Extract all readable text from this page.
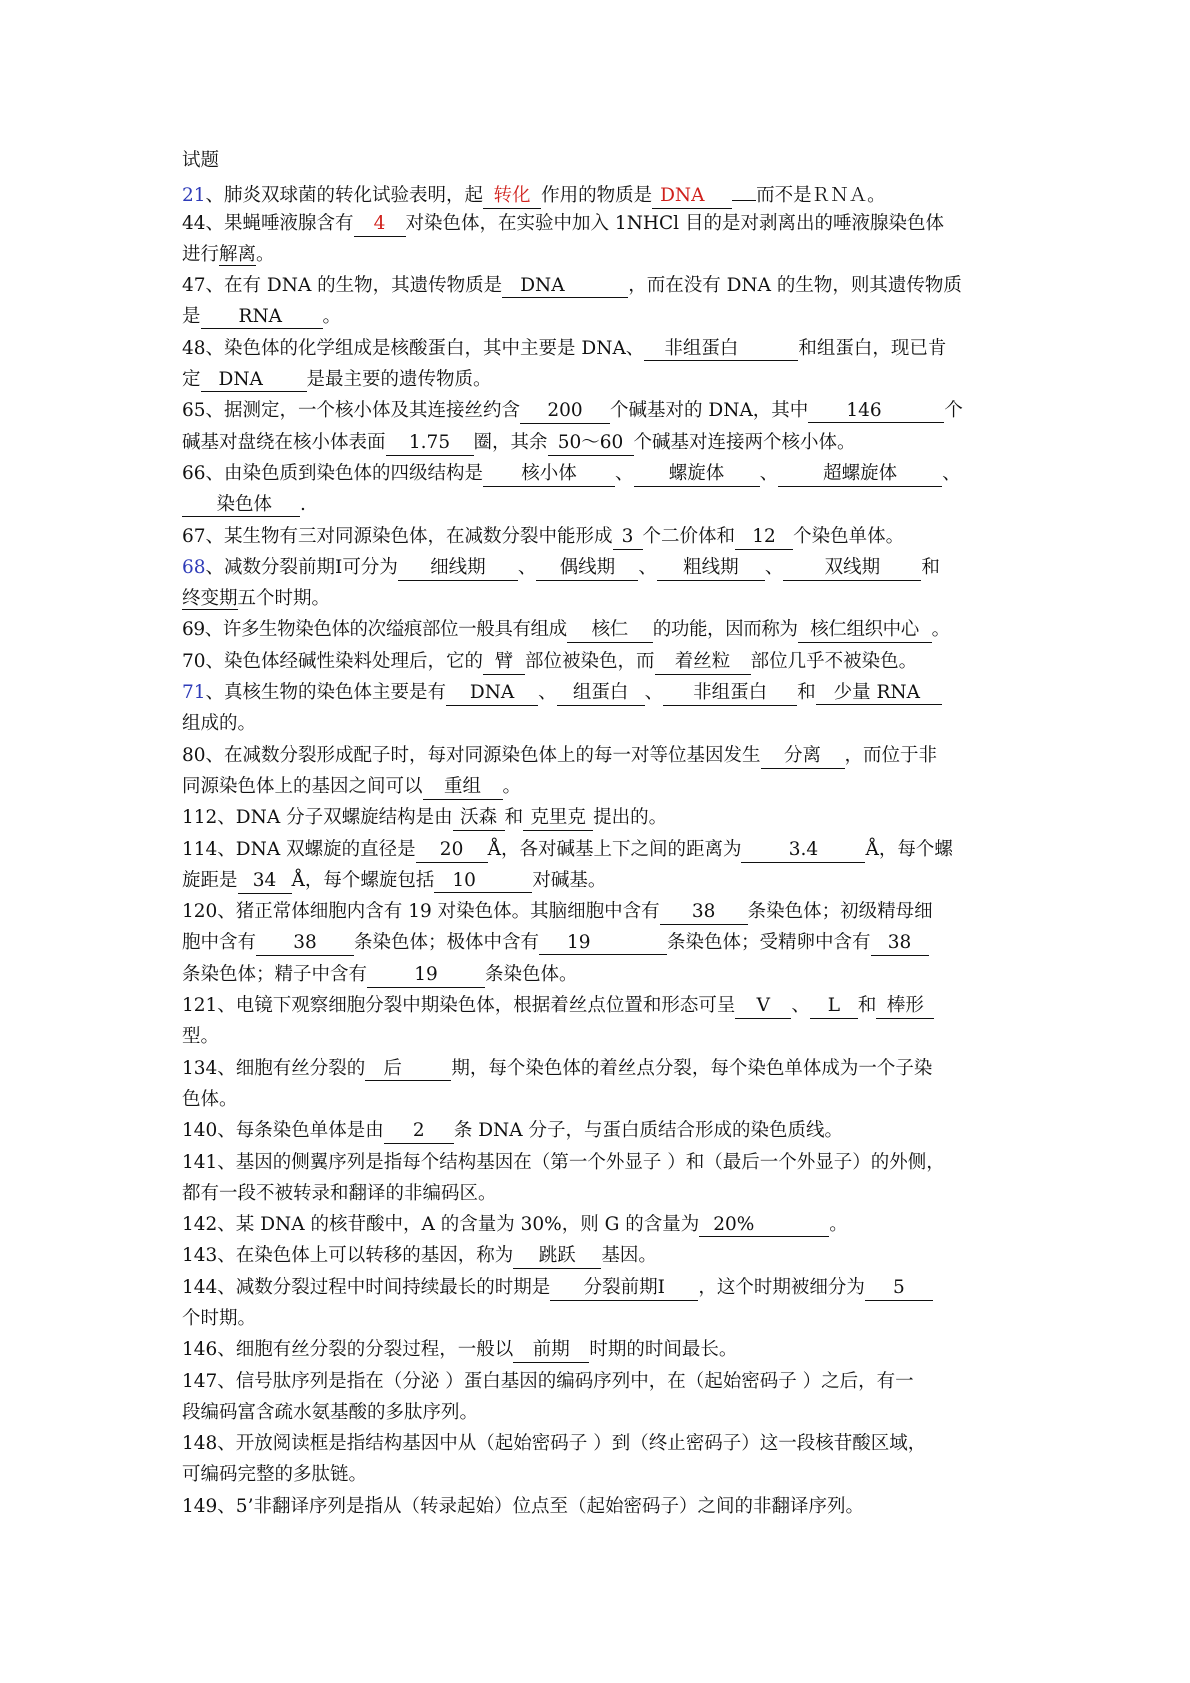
试题
21、肺炎双球菌的转化试验表明，起 转化 作用的物质是 DNA	而不是ＲＮＡ。
44、果蝇唾液腺含有 4 对染色体，在实验中加入 1NHCl 目的是对剥离出的唾液腺染色体
进行解离。
47、在有 DNA 的生物，其遗传物质是 DNA	，而在没有 DNA 的生物，则其遗传物质
是 RNA 。
48、染色体的化学组成是核酸蛋白，其中主要是 DNA、 非组蛋白	和组蛋白，现已肯
定 DNA 是最主要的遗传物质。
65、据测定，一个核小体及其连接丝约含 200 个碱基对的 DNA，其中 146	个
碱基对盘绕在核小体表面 1.75 圈，其余 50～60 个碱基对连接两个核小体。
66、由染色质到染色体的四级结构是 核小体 、 螺旋体 、 超螺旋体 、
染色体 .
67、某生物有三对同源染色体，在减数分裂中能形成 3 个二价体和 12 个染色单体。
68、减数分裂前期Ⅰ可分为 细线期 、 偶线期 、 粗线期 、 双线期 和
终变期五个时期。
69、许多生物染色体的次缢痕部位一般具有组成 核仁 的功能，因而称为 核仁组织中心 。
70、染色体经碱性染料处理后，它的 臂 部位被染色，而 着丝粒 部位几乎不被染色。
71、真核生物的染色体主要是有 DNA 、 组蛋白 、 非组蛋白 和 少量 RNA
组成的。
80、在减数分裂形成配子时，每对同源染色体上的每一对等位基因发生 分离 ，而位于非
同源染色体上的基因之间可以 重组 。
112、DNA 分子双螺旋结构是由 沃森 和 克里克 提出的。
114、DNA 双螺旋的直径是 20 Å，各对碱基上下之间的距离为	3.4	Å，每个螺
旋距是 34 Å，每个螺旋包括 10	对碱基。
120、猪正常体细胞内含有 19 对染色体。其脑细胞中含有 38 条染色体；初级精母细
胞中含有 38 条染色体；极体中含有 19	条染色体；受精卵中含有 38
条染色体；精子中含有	19	条染色体。
121、电镜下观察细胞分裂中期染色体，根据着丝点位置和形态可呈 V 、 L 和 棒形
型。
134、细胞有丝分裂的 后	期，每个染色体的着丝点分裂，每个染色单体成为一个子染
色体。
140、每条染色单体是由 2 条 DNA 分子，与蛋白质结合形成的染色质线。
141、基因的侧翼序列是指每个结构基因在（第一个外显子 ）和（最后一个外显子）的外侧，
都有一段不被转录和翻译的非编码区。
142、某 DNA 的核苷酸中，A 的含量为 30%，则 G 的含量为 20%	。
143、在染色体上可以转移的基因，称为 跳跃 基因。
144、减数分裂过程中时间持续最长的时期是 分裂前期Ⅰ ，这个时期被细分为 5
个时期。
146、细胞有丝分裂的分裂过程，一般以 前期 时期的时间最长。
147、信号肽序列是指在（分泌 ）蛋白基因的编码序列中，在（起始密码子 ）之后，有一
段编码富含疏水氨基酸的多肽序列。
148、开放阅读框是指结构基因中从（起始密码子 ）到（终止密码子）这一段核苷酸区域，
可编码完整的多肽链。
149、5’非翻译序列是指从（转录起始）位点至（起始密码子）之间的非翻译序列。
